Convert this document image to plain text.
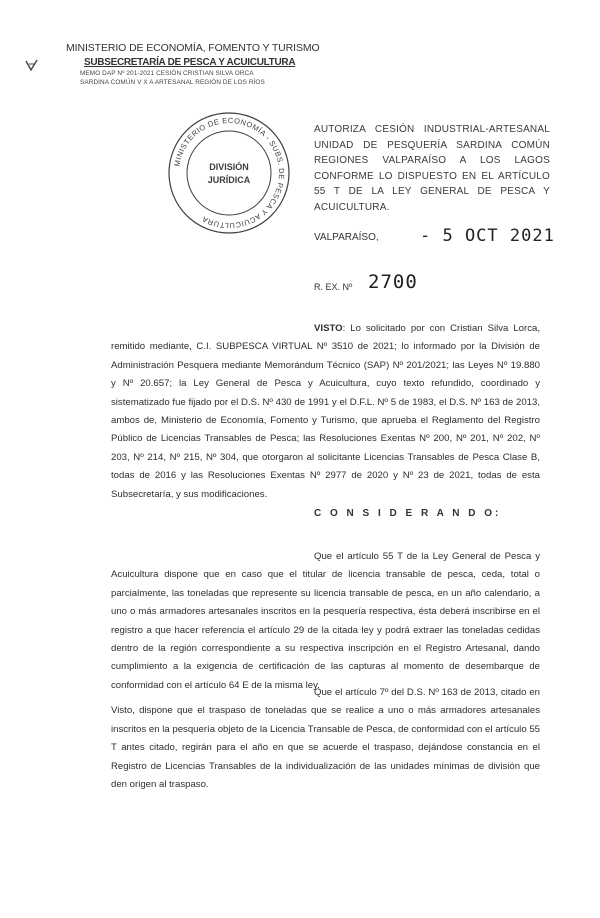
MINISTERIO DE ECONOMÍA, FOMENTO Y TURISMO
SUBSECRETARÍA DE PESCA Y ACUICULTURA
MEMO DAP Nº 201-2021 CESIÓN CRISTIAN SILVA ORCA
SARDINA COMÚN V X A ARTESANAL REGIÓN DE LOS RÍOS
MINISTERIO DE ECONOMÍA - SUBS. DE PESCA Y ACUICULTURA
DIVISIÓN
JURÍDICA
AUTORIZA CESIÓN INDUSTRIAL-ARTESANAL UNIDAD DE PESQUERÍA SARDINA COMÚN REGIONES VALPARAÍSO A LOS LAGOS CONFORME LO DISPUESTO EN EL ARTÍCULO 55 T DE LA LEY GENERAL DE PESCA Y ACUICULTURA.
VALPARAÍSO, - 5 OCT 2021
R. EX. Nº 2700
VISTO: Lo solicitado por con Cristian Silva Lorca, remitido mediante, C.I. SUBPESCA VIRTUAL Nº 3510 de 2021; lo informado por la División de Administración Pesquera mediante Memorándum Técnico (SAP) Nº 201/2021; las Leyes Nº 19.880 y Nº 20.657; la Ley General de Pesca y Acuicultura, cuyo texto refundido, coordinado y sistematizado fue fijado por el D.S. Nº 430 de 1991 y el D.F.L. Nº 5 de 1983, el D.S. Nº 163 de 2013, ambos de, Ministerio de Economía, Fomento y Turismo, que aprueba el Reglamento del Registro Público de Licencias Transables de Pesca; las Resoluciones Exentas Nº 200, Nº 201, Nº 202, Nº 203, Nº 214, Nº 215, Nº 304, que otorgaron al solicitante Licencias Transables de Pesca Clase B, todas de 2016 y las Resoluciones Exentas Nº 2977 de 2020 y Nº 23 de 2021, todas de esta Subsecretaría, y sus modificaciones.
C O N S I D E R A N D O:
Que el artículo 55 T de la Ley General de Pesca y Acuicultura dispone que en caso que el titular de licencia transable de pesca, ceda, total o parcialmente, las toneladas que represente su licencia transable de pesca, en un año calendario, a uno o más armadores artesanales inscritos en la pesquería respectiva, ésta deberá inscribirse en el registro a que hacer referencia el artículo 29 de la citada ley y podrá extraer las toneladas cedidas dentro de la región correspondiente a su respectiva inscripción en el Registro Artesanal, dando cumplimiento a la exigencia de certificación de las capturas al momento de desembarque de conformidad con el artículo 64 E de la misma ley.
Que el artículo 7º del D.S. Nº 163 de 2013, citado en Visto, dispone que el traspaso de toneladas que se realice a uno o más armadores artesanales inscritos en la pesquería objeto de la Licencia Transable de Pesca, de conformidad con el artículo 55 T antes citado, regirán para el año en que se acuerde el traspaso, dejándose constancia en el Registro de Licencias Transables de la individualización de las unidades mínimas de división que den origen al traspaso.
